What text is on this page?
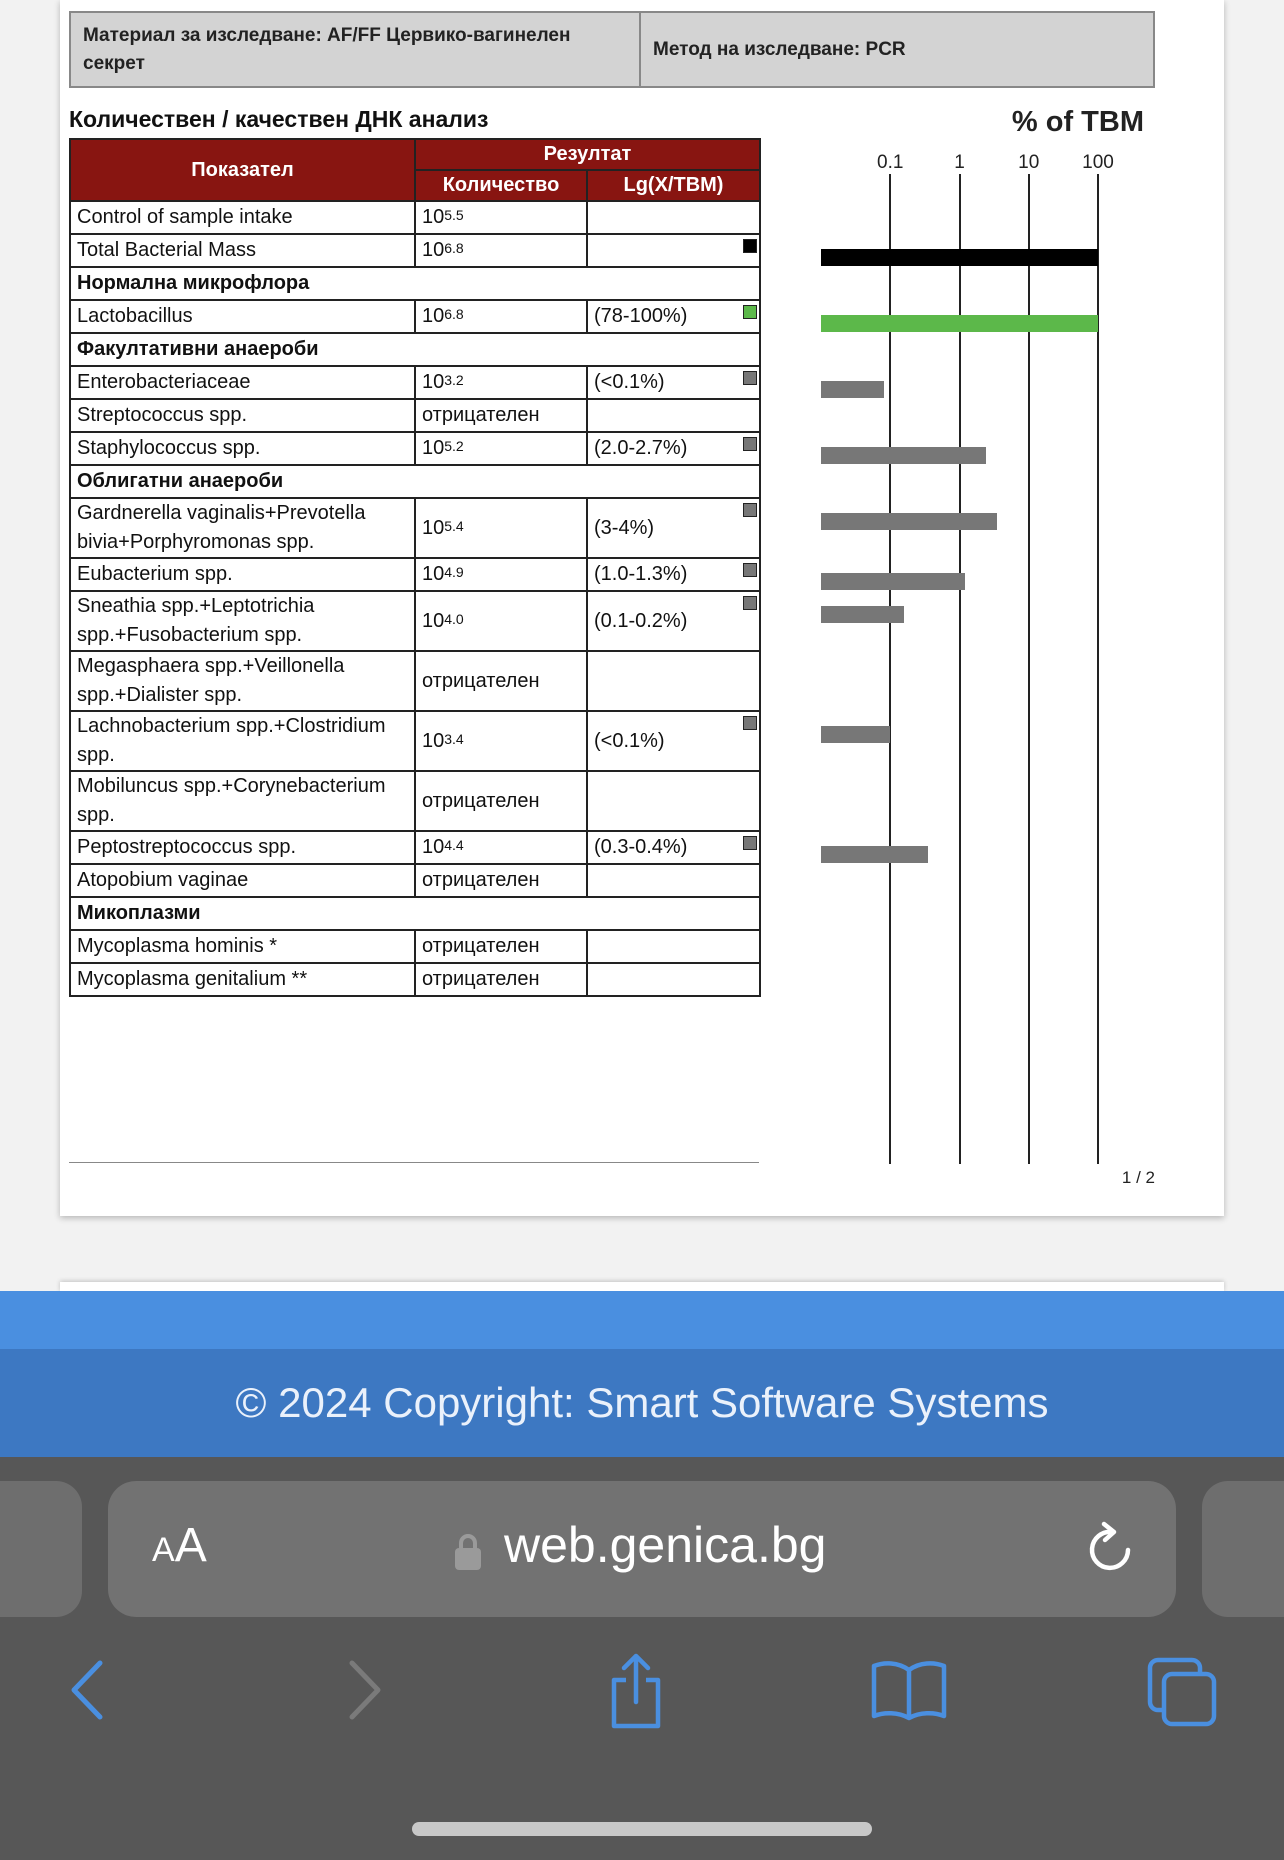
Материал за изследване: AF/FF Цервико-вагинелен секрет
Метод на изследване: PCR
Количествен / качествен ДНК анализ	% of TBM
0.1	1	10 100
Показател	Резултат	
	Количество	Lg(X/TBM)
Control of sample intake	$10^{5.5}$	
Total Bacterial Mass	$10^{6.8}$	

Нормална микрофлора		
Lactobacillus	$10^{6.8}$	(78-100%)

Факултативни анаероби		
Enterobacteriaceae	$10^{3.2}$	(<0.1%)

Streptococcus spp.	отрицателен	
Staphylococcus spp.	$10^{5.2}$	(2.0-2.7%)

Облигатни анаероби		
Gardnerella vaginalis+Prevotella bivia+Porphyromonas spp.	$10^{5.4}$	(3-4%)

Eubacterium spp.	$10^{4.9}$	(1.0-1.3%)

Sneathia spp.+Leptotrichia spp.+Fusobacterium spp.	$10^{4.0}$	(0.1-0.2%)

Megasphaera spp.+Veillonella spp.+Dialister spp.	отрицателен	
Lachnobacterium spp.+Clostridium spp.	$10^{3.4}$	(<0.1%)

Mobiluncus spp.+Corynebacterium spp.	отрицателен	
Peptostreptococcus spp.	$10^{4.4}$	(0.3-0.4%)

Atopobium vaginae	отрицателен	
Микоплазми		
Mycoplasma hominis *	отрицателен	
Mycoplasma genitalium **	отрицателен	
1 / 2
© 2024 Copyright: Smart Software Systems
AA	web.genica.bg
